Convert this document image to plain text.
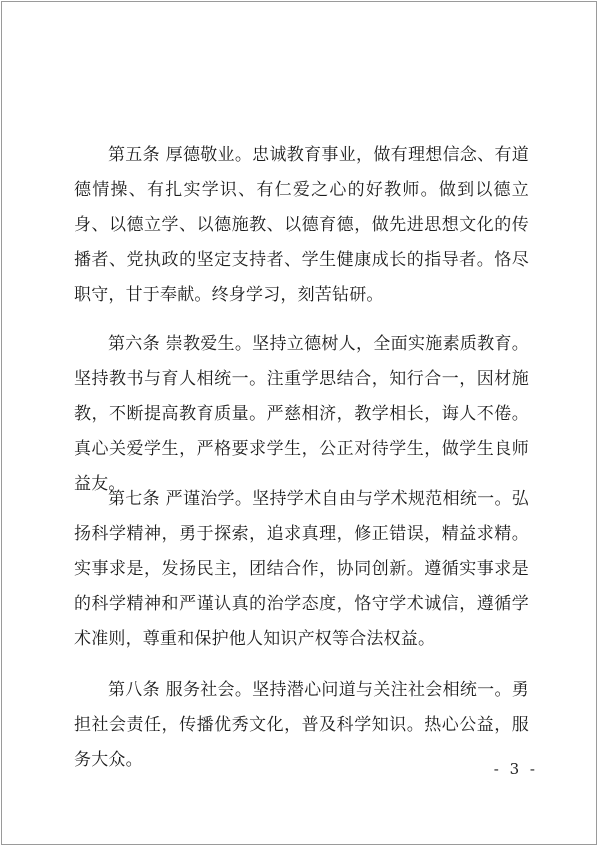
第五条 厚德敬业。忠诚教育事业，做有理想信念、有道德情操、有扎实学识、有仁爱之心的好教师。做到以德立身、以德立学、以德施教、以德育德，做先进思想文化的传播者、党执政的坚定支持者、学生健康成长的指导者。恪尽职守，甘于奉献。终身学习，刻苦钻研。

第六条 崇教爱生。坚持立德树人，全面实施素质教育。坚持教书与育人相统一。注重学思结合，知行合一，因材施教，不断提高教育质量。严慈相济，教学相长，诲人不倦。真心关爱学生，严格要求学生，公正对待学生，做学生良师益友。

第七条 严谨治学。坚持学术自由与学术规范相统一。弘扬科学精神，勇于探索，追求真理，修正错误，精益求精。实事求是，发扬民主，团结合作，协同创新。遵循实事求是的科学精神和严谨认真的治学态度，恪守学术诚信，遵循学术准则，尊重和保护他人知识产权等合法权益。

第八条 服务社会。坚持潜心问道与关注社会相统一。勇担社会责任，传播优秀文化，普及科学知识。热心公益，服务大众。	- 3 -
